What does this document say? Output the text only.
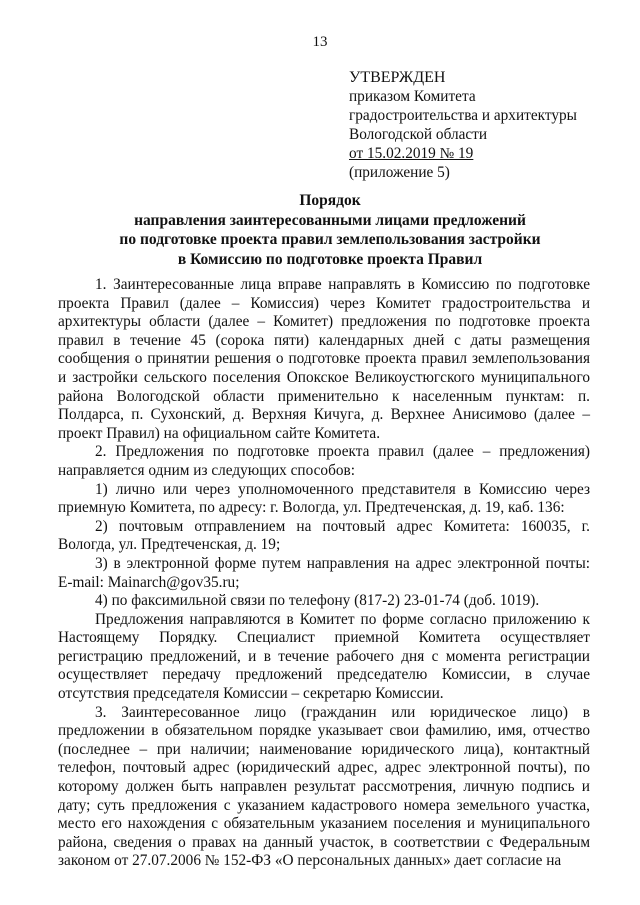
13
УТВЕРЖДЕН
приказом Комитета
градостроительства и архитектуры
Вологодской области
от 15.02.2019 № 19
(приложение 5)
Порядок
направления заинтересованными лицами предложений
по подготовке проекта правил землепользования застройки
в Комиссию по подготовке проекта Правил

1. Заинтересованные лица вправе направлять в Комиссию по подготовке проекта Правил (далее – Комиссия) через Комитет градостроительства и архитектуры области (далее – Комитет) предложения по подготовке проекта правил в течение 45 (сорока пяти) календарных дней с даты размещения сообщения о принятии решения о подготовке проекта правил землепользования и застройки сельского поселения Опокское Великоустюгского муниципального района Вологодской области применительно к населенным пунктам: п. Полдарса, п. Сухонский, д. Верхняя Кичуга, д. Верхнее Анисимово (далее – проект Правил) на официальном сайте Комитета.

2. Предложения по подготовке проекта правил (далее – предложения) направляется одним из следующих способов:

1) лично или через уполномоченного представителя в Комиссию через приемную Комитета, по адресу: г. Вологда, ул. Предтеченская, д. 19, каб. 136:

2) почтовым отправлением на почтовый адрес Комитета: 160035, г. Вологда, ул. Предтеченская, д. 19;

3) в электронной форме путем направления на адрес электронной почты: E-mail: Mainarch@gov35.ru;

4) по факсимильной связи по телефону (817-2) 23-01-74 (доб. 1019).

Предложения направляются в Комитет по форме согласно приложению к Настоящему Порядку. Специалист приемной Комитета осуществляет регистрацию предложений, и в течение рабочего дня с момента регистрации осуществляет передачу предложений председателю Комиссии, в случае отсутствия председателя Комиссии – секретарю Комиссии.

3. Заинтересованное лицо (гражданин или юридическое лицо) в предложении в обязательном порядке указывает свои фамилию, имя, отчество (последнее – при наличии; наименование юридического лица), контактный телефон, почтовый адрес (юридический адрес, адрес электронной почты), по которому должен быть направлен результат рассмотрения, личную подпись и дату; суть предложения с указанием кадастрового номера земельного участка, место его нахождения с обязательным указанием поселения и муниципального района, сведения о правах на данный участок, в соответствии с Федеральным законом от 27.07.2006 № 152-ФЗ «О персональных данных» дает согласие на
